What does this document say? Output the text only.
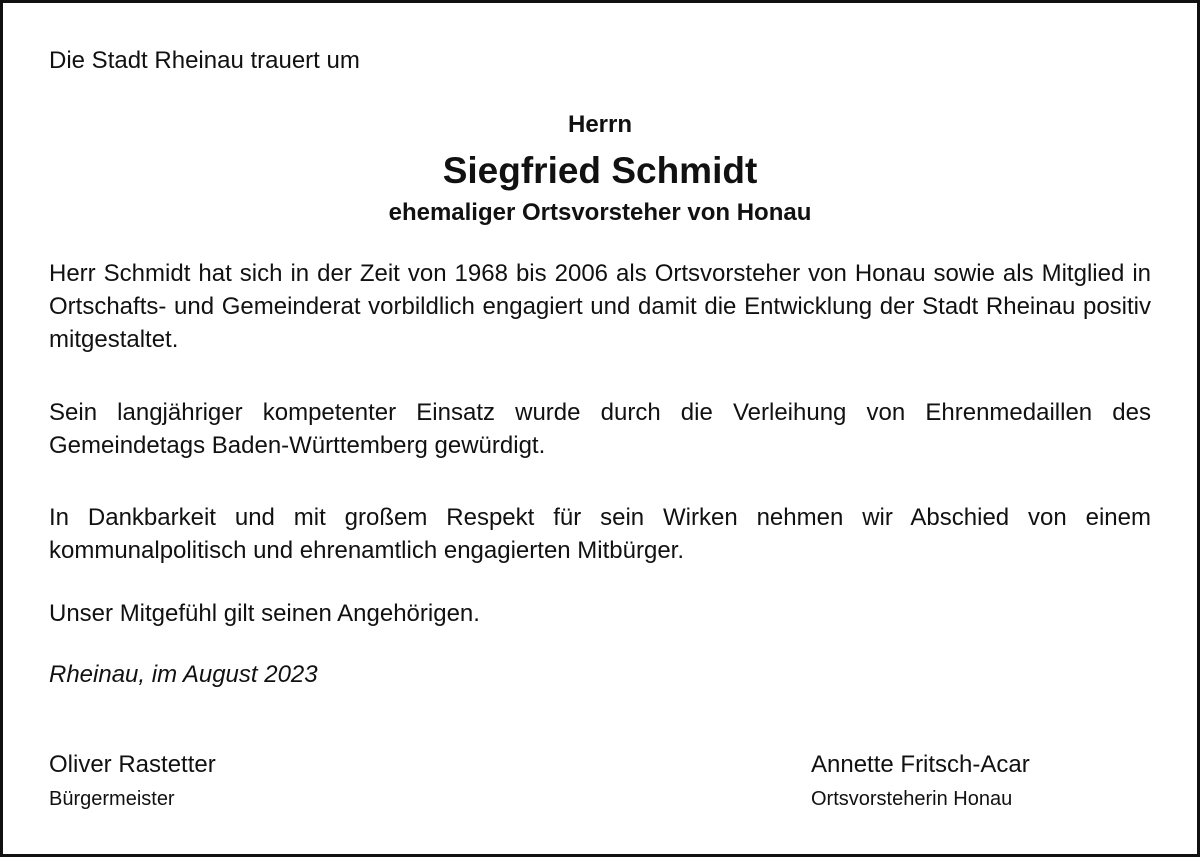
Die Stadt Rheinau trauert um
Herrn
Siegfried Schmidt
ehemaliger Ortsvorsteher von Honau

Herr Schmidt hat sich in der Zeit von 1968 bis 2006 als Ortsvorsteher von Honau sowie als Mitglied in Ortschafts- und Gemeinderat vorbildlich engagiert und damit die Entwicklung der Stadt Rheinau positiv mitgestaltet.

Sein langjähriger kompetenter Einsatz wurde durch die Verleihung von Ehrenmedaillen des Gemeindetags Baden-Württemberg gewürdigt.

In Dankbarkeit und mit großem Respekt für sein Wirken nehmen wir Abschied von einem kommunalpolitisch und ehrenamtlich engagierten Mitbürger.

Unser Mitgefühl gilt seinen Angehörigen.

Rheinau, im August 2023
Oliver Rastetter
Bürgermeister
Annette Fritsch-Acar
Ortsvorsteherin Honau
